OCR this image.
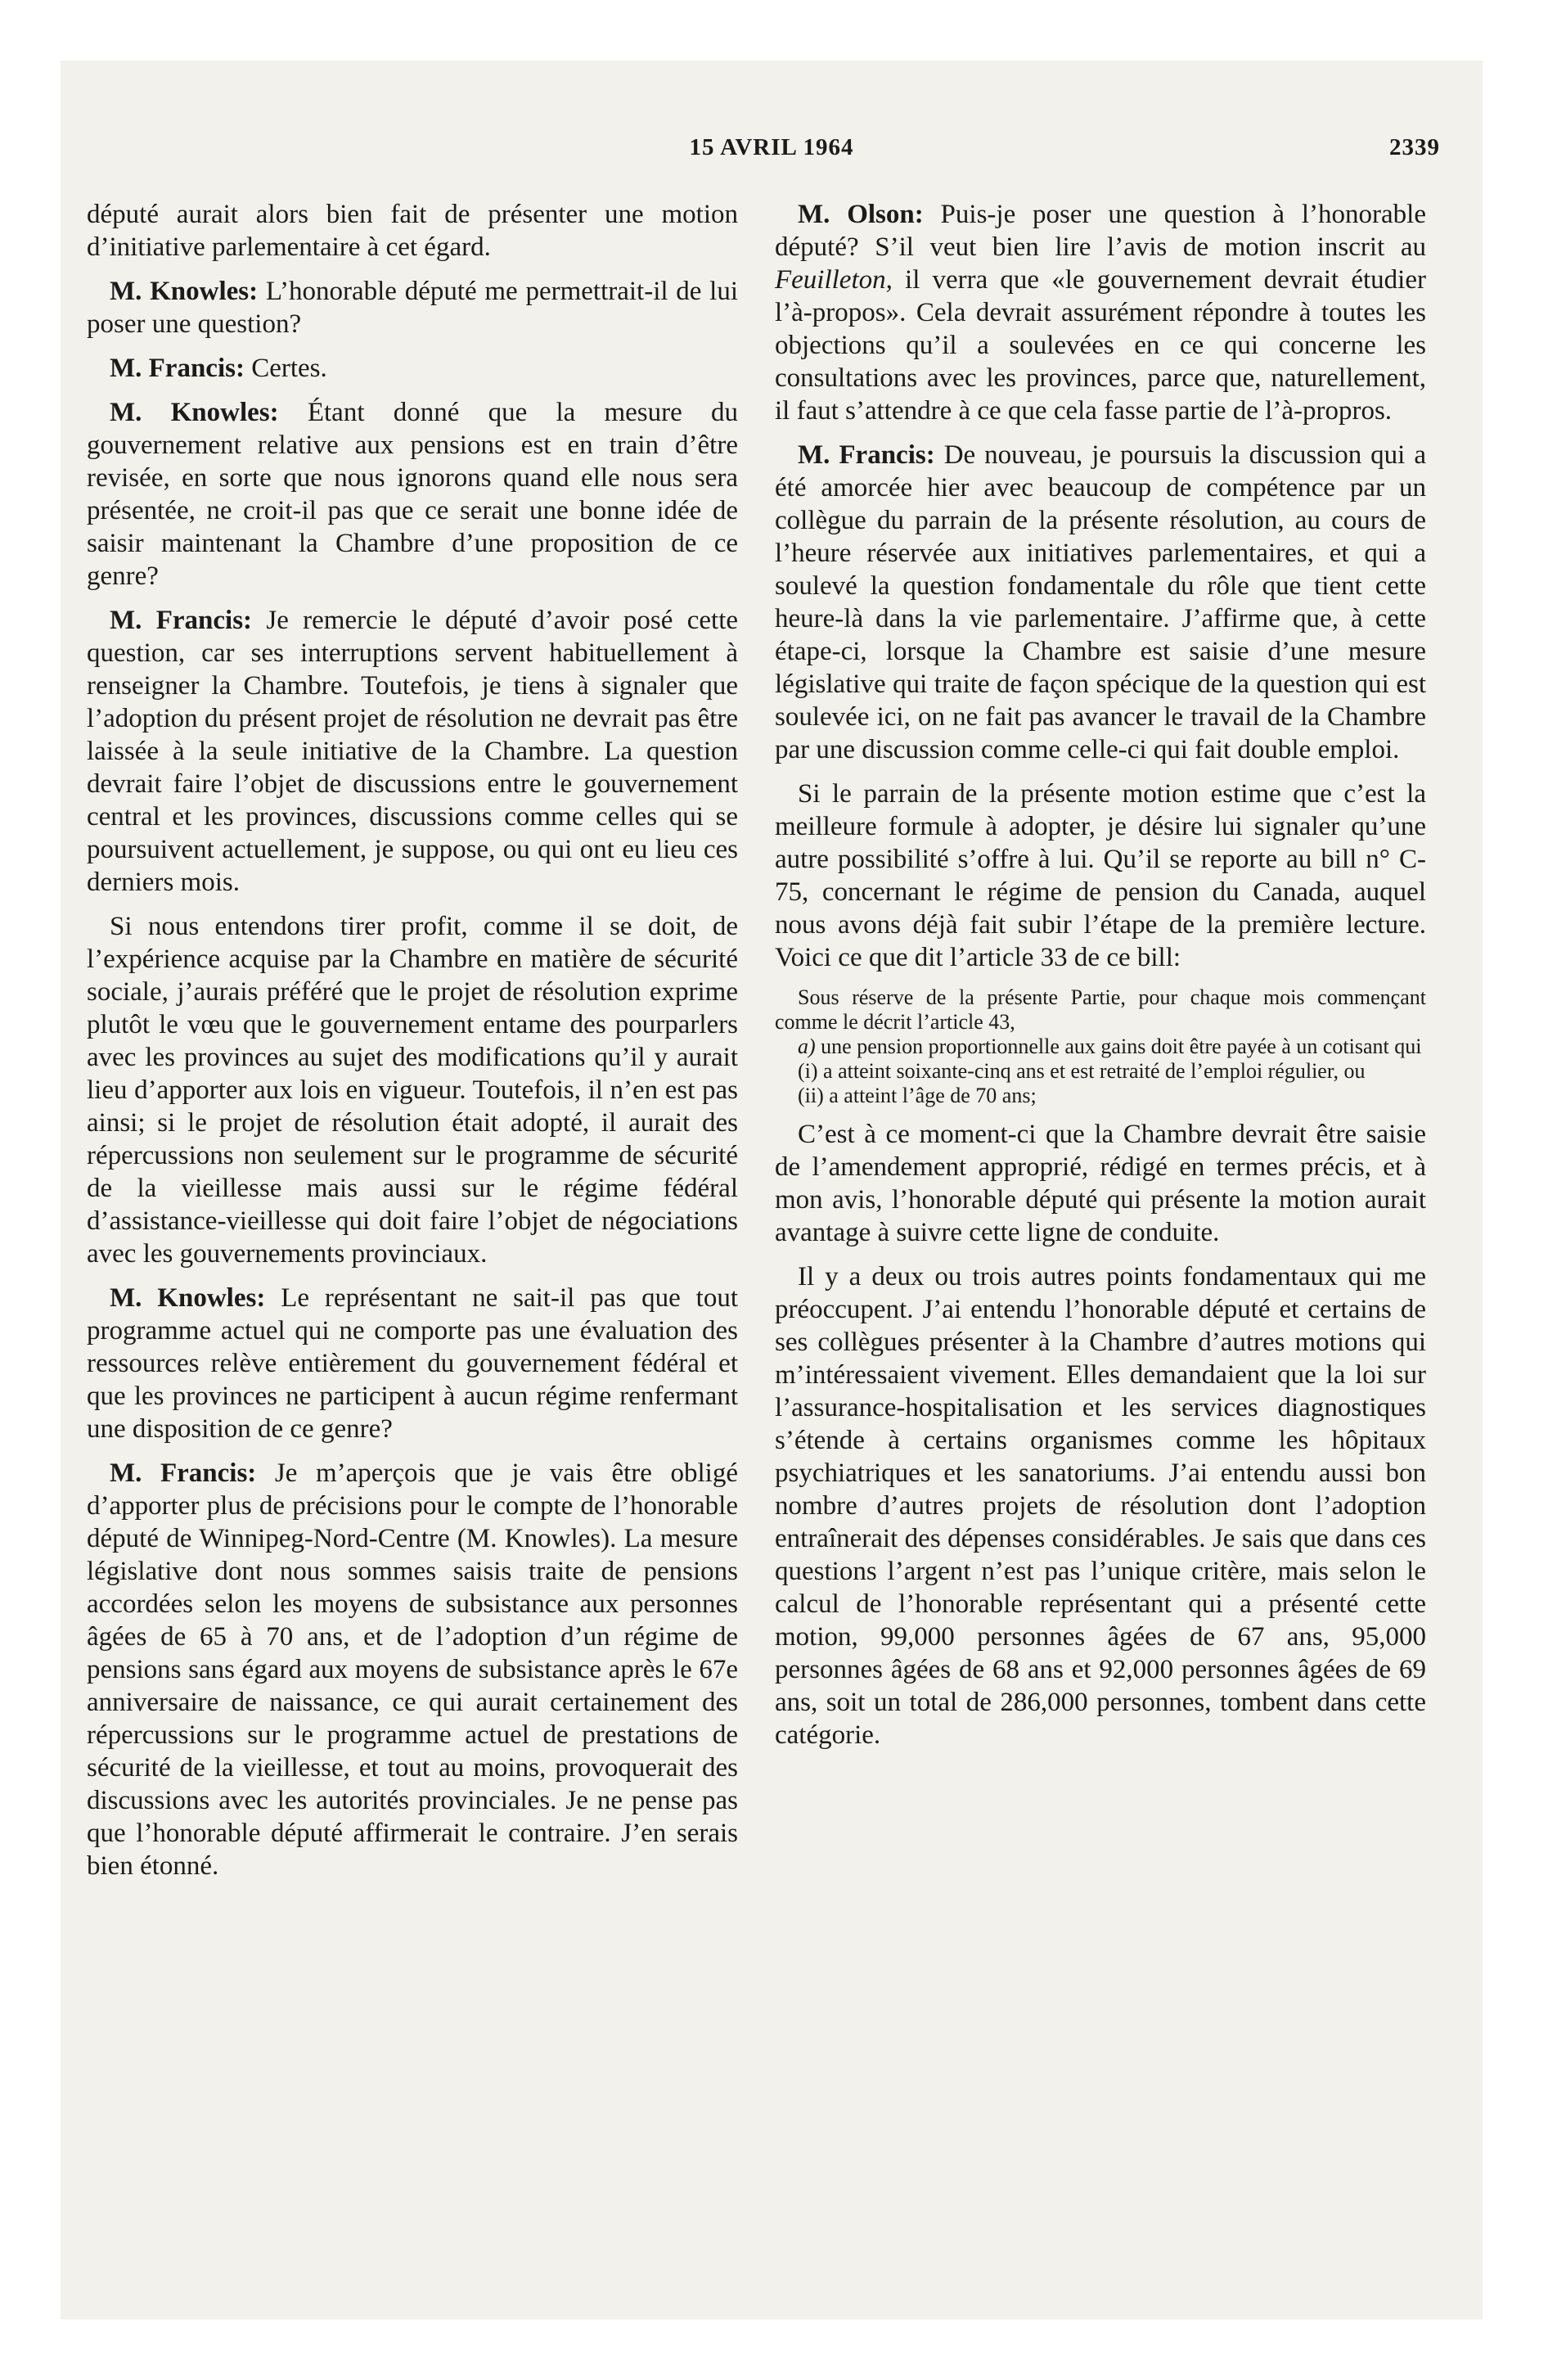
15 AVRIL 1964	2339

député aurait alors bien fait de présenter une motion d’initiative parlementaire à cet égard.

M. Knowles: L’honorable député me permettrait-il de lui poser une question?

M. Francis: Certes.

M. Knowles: Étant donné que la mesure du gouvernement relative aux pensions est en train d’être revisée, en sorte que nous ignorons quand elle nous sera présentée, ne croit-il pas que ce serait une bonne idée de saisir maintenant la Chambre d’une proposition de ce genre?

M. Francis: Je remercie le député d’avoir posé cette question, car ses interruptions servent habituellement à renseigner la Chambre. Toutefois, je tiens à signaler que l’adoption du présent projet de résolution ne devrait pas être laissée à la seule initiative de la Chambre. La question devrait faire l’objet de discussions entre le gouvernement central et les provinces, discussions comme celles qui se poursuivent actuellement, je suppose, ou qui ont eu lieu ces derniers mois.

Si nous entendons tirer profit, comme il se doit, de l’expérience acquise par la Chambre en matière de sécurité sociale, j’aurais préféré que le projet de résolution exprime plutôt le vœu que le gouvernement entame des pourparlers avec les provinces au sujet des modifications qu’il y aurait lieu d’apporter aux lois en vigueur. Toutefois, il n’en est pas ainsi; si le projet de résolution était adopté, il aurait des répercussions non seulement sur le programme de sécurité de la vieillesse mais aussi sur le régime fédéral d’assistance-vieillesse qui doit faire l’objet de négociations avec les gouvernements provinciaux.

M. Knowles: Le représentant ne sait-il pas que tout programme actuel qui ne comporte pas une évaluation des ressources relève entièrement du gouvernement fédéral et que les provinces ne participent à aucun régime renfermant une disposition de ce genre?

M. Francis: Je m’aperçois que je vais être obligé d’apporter plus de précisions pour le compte de l’honorable député de Winnipeg-Nord-Centre (M. Knowles). La mesure législative dont nous sommes saisis traite de pensions accordées selon les moyens de subsistance aux personnes âgées de 65 à 70 ans, et de l’adoption d’un régime de pensions sans égard aux moyens de subsistance après le 67e anniversaire de naissance, ce qui aurait certainement des répercussions sur le programme actuel de prestations de sécurité de la vieillesse, et tout au moins, provoquerait des discussions avec les autorités provinciales. Je ne pense pas que l’honorable député affirmerait le contraire. J’en serais bien étonné.

M. Olson: Puis-je poser une question à l’honorable député? S’il veut bien lire l’avis de motion inscrit au Feuilleton, il verra que «le gouvernement devrait étudier l’à-propos». Cela devrait assurément répondre à toutes les objections qu’il a soulevées en ce qui concerne les consultations avec les provinces, parce que, naturellement, il faut s’attendre à ce que cela fasse partie de l’à-propros.

M. Francis: De nouveau, je poursuis la discussion qui a été amorcée hier avec beaucoup de compétence par un collègue du parrain de la présente résolution, au cours de l’heure réservée aux initiatives parlementaires, et qui a soulevé la question fondamentale du rôle que tient cette heure-là dans la vie parlementaire. J’affirme que, à cette étape-ci, lorsque la Chambre est saisie d’une mesure législative qui traite de façon spécique de la question qui est soulevée ici, on ne fait pas avancer le travail de la Chambre par une discussion comme celle-ci qui fait double emploi.

Si le parrain de la présente motion estime que c’est la meilleure formule à adopter, je désire lui signaler qu’une autre possibilité s’offre à lui. Qu’il se reporte au bill n° C-75, concernant le régime de pension du Canada, auquel nous avons déjà fait subir l’étape de la première lecture. Voici ce que dit l’article 33 de ce bill:

Sous réserve de la présente Partie, pour chaque mois commençant comme le décrit l’article 43,

a) une pension proportionnelle aux gains doit être payée à un cotisant qui

(i) a atteint soixante-cinq ans et est retraité de l’emploi régulier, ou

(ii) a atteint l’âge de 70 ans;

C’est à ce moment-ci que la Chambre devrait être saisie de l’amendement approprié, rédigé en termes précis, et à mon avis, l’honorable député qui présente la motion aurait avantage à suivre cette ligne de conduite.

Il y a deux ou trois autres points fondamentaux qui me préoccupent. J’ai entendu l’honorable député et certains de ses collègues présenter à la Chambre d’autres motions qui m’intéressaient vivement. Elles demandaient que la loi sur l’assurance-hospitalisation et les services diagnostiques s’étende à certains organismes comme les hôpitaux psychiatriques et les sanatoriums. J’ai entendu aussi bon nombre d’autres projets de résolution dont l’adoption entraînerait des dépenses considérables. Je sais que dans ces questions l’argent n’est pas l’unique critère, mais selon le calcul de l’honorable représentant qui a présenté cette motion, 99,000 personnes âgées de 67 ans, 95,000 personnes âgées de 68 ans et 92,000 personnes âgées de 69 ans, soit un total de 286,000 personnes, tombent dans cette catégorie.
